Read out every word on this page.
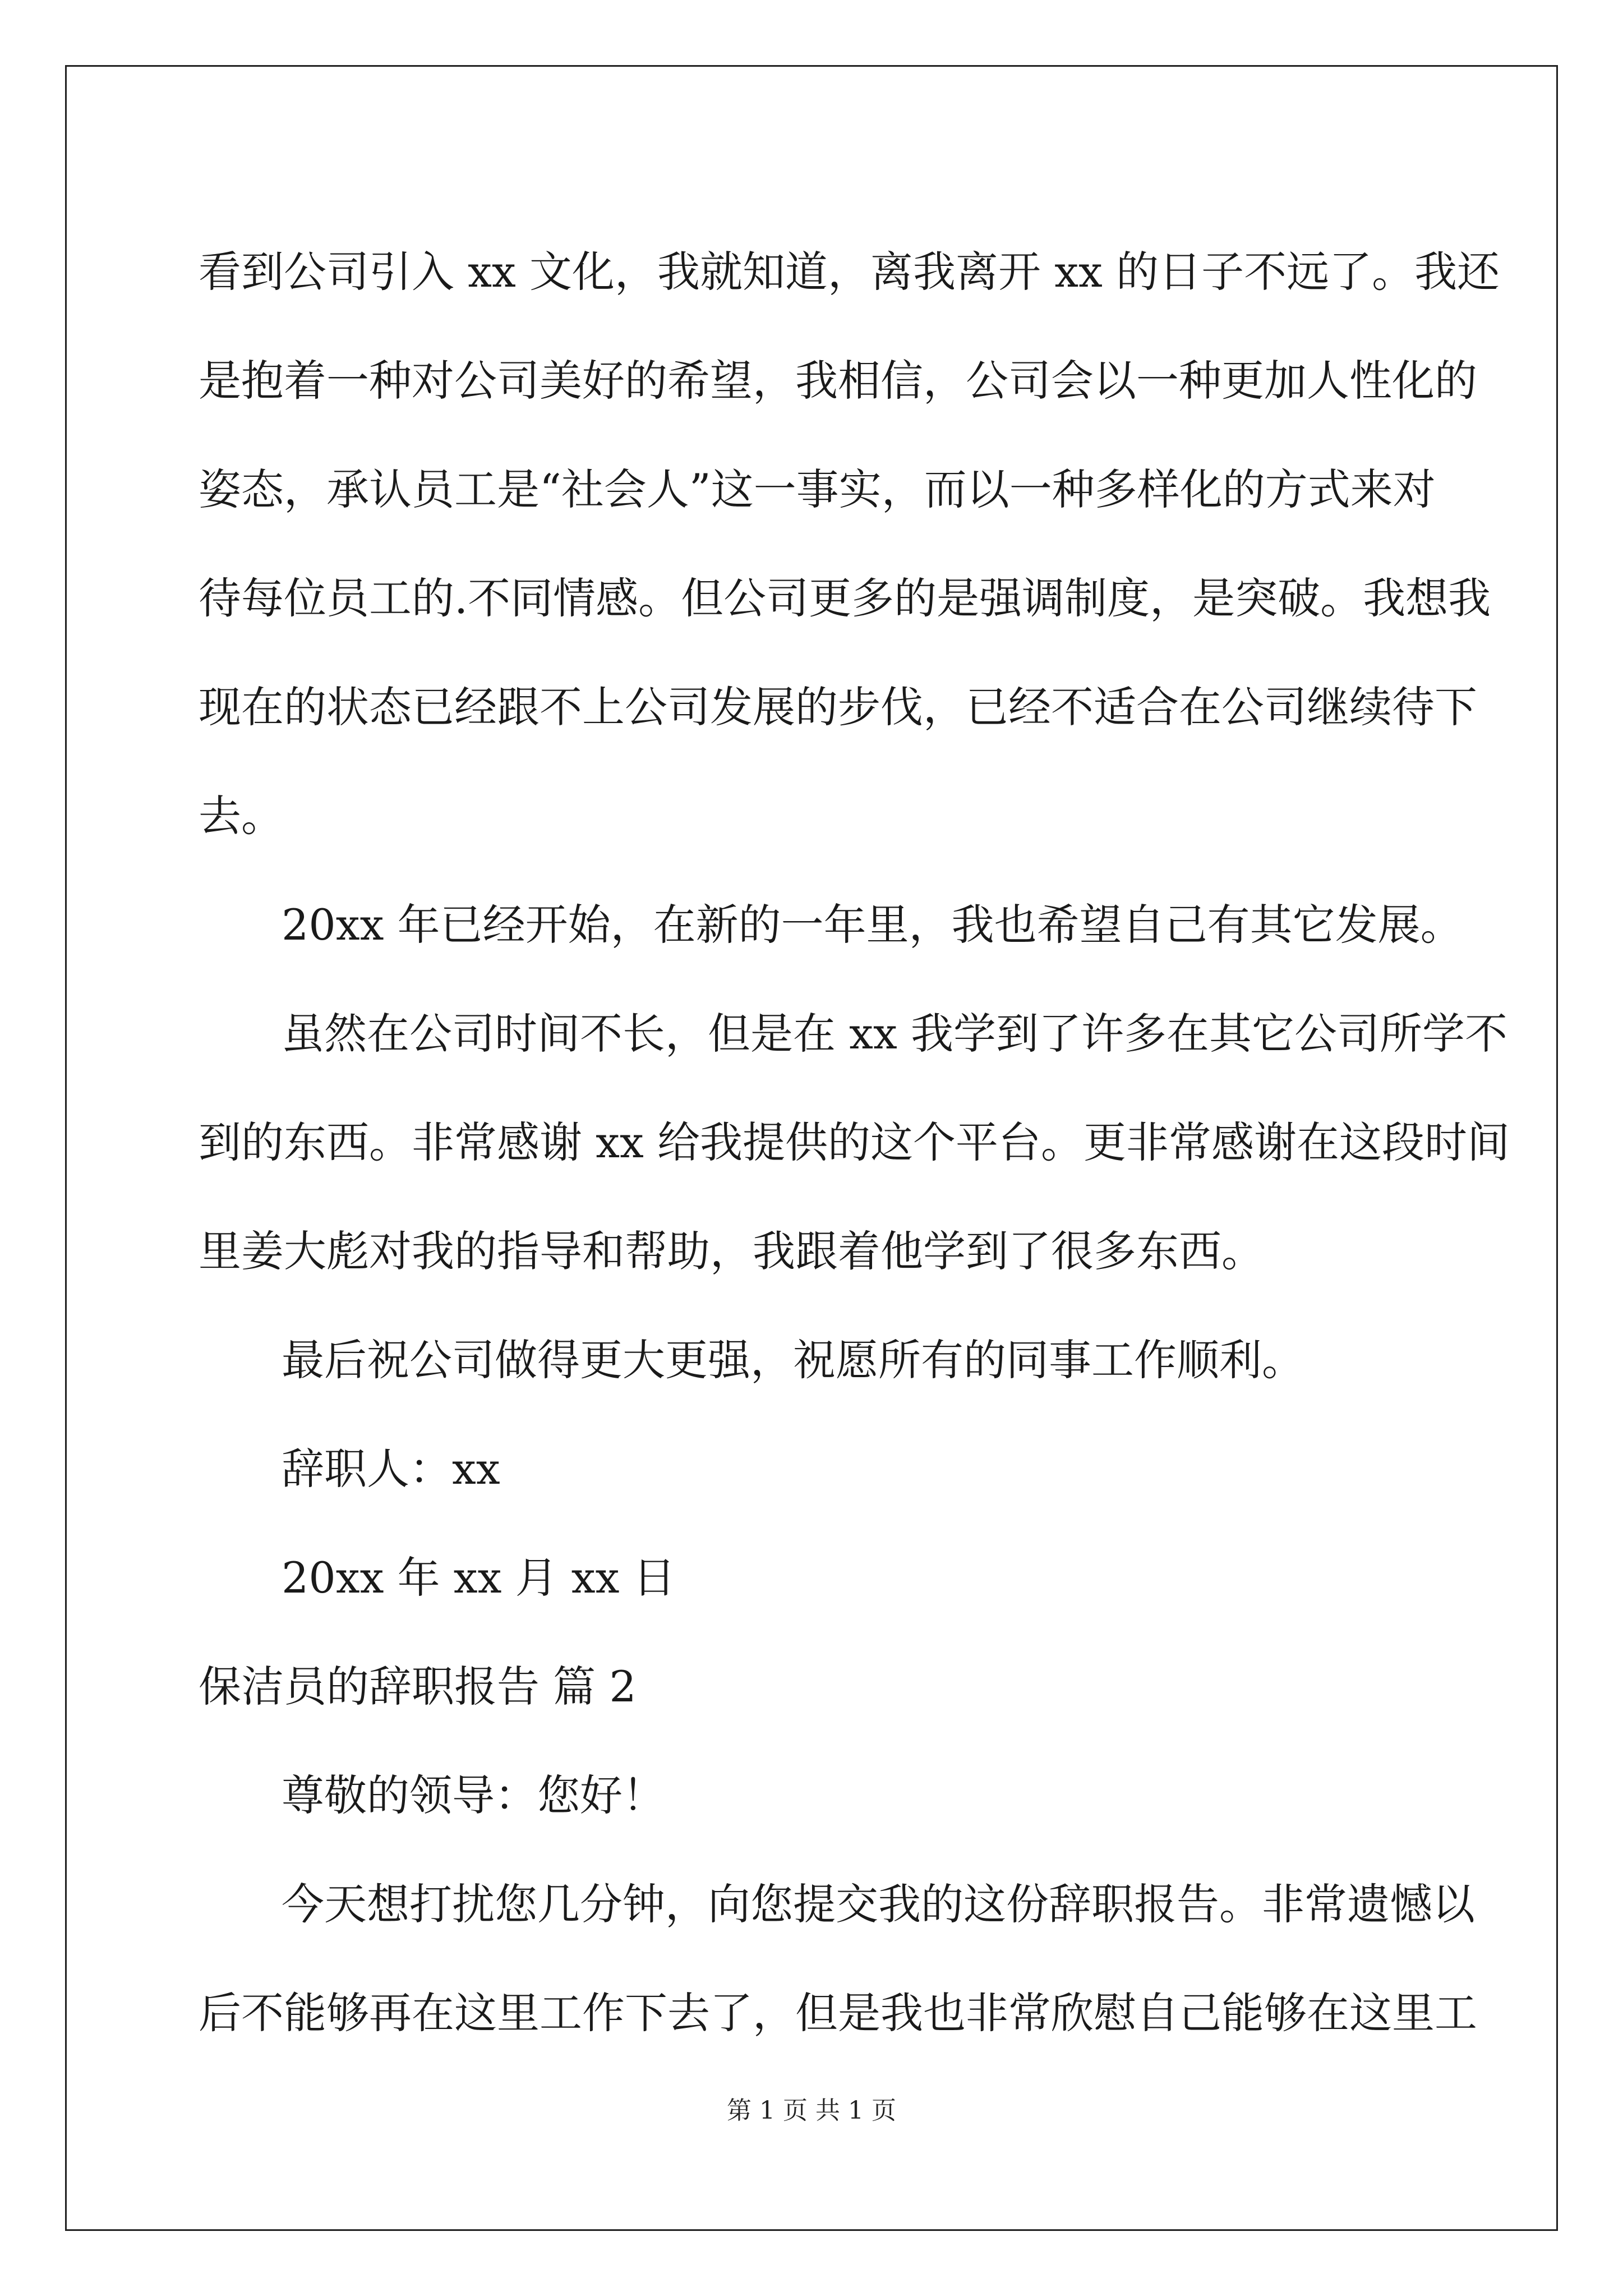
看到公司引入 xx 文化，我就知道，离我离开 xx 的日子不远了。我还
是抱着一种对公司美好的希望，我相信，公司会以一种更加人性化的
姿态，承认员工是“社会人”这一事实，而以一种多样化的方式来对
待每位员工的.不同情感。但公司更多的是强调制度，是突破。我想我
现在的状态已经跟不上公司发展的步伐，已经不适合在公司继续待下
去。
20xx 年已经开始，在新的一年里，我也希望自己有其它发展。
虽然在公司时间不长，但是在 xx 我学到了许多在其它公司所学不
到的东西。非常感谢 xx 给我提供的这个平台。更非常感谢在这段时间
里姜大彪对我的指导和帮助，我跟着他学到了很多东西。
最后祝公司做得更大更强，祝愿所有的同事工作顺利。
辞职人：xx
20xx 年 xx 月 xx 日
保洁员的辞职报告 篇 2
尊敬的领导：您好！
今天想打扰您几分钟，向您提交我的这份辞职报告。非常遗憾以
后不能够再在这里工作下去了，但是我也非常欣慰自己能够在这里工
第 1 页 共 1 页
